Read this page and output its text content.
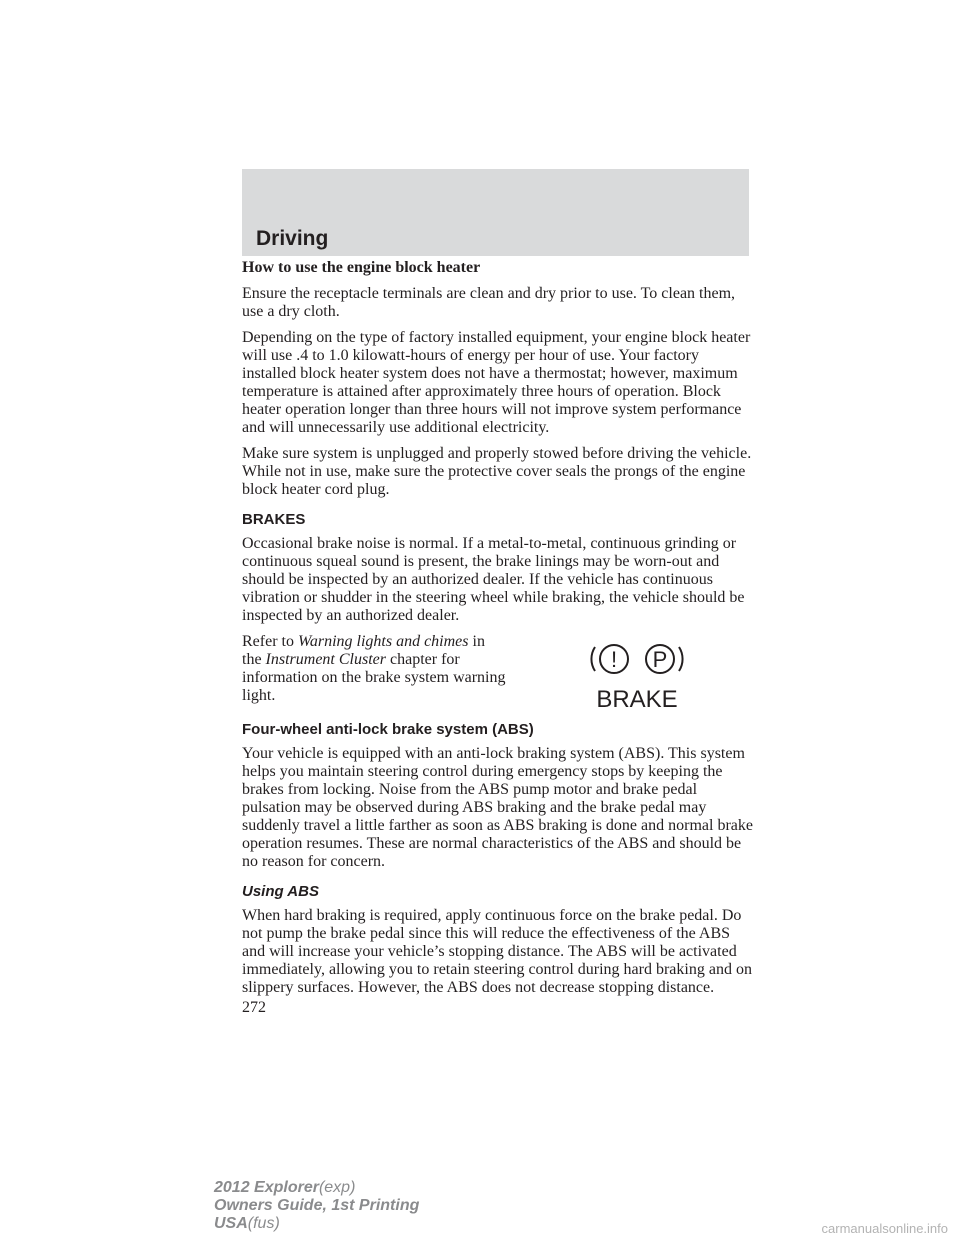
Driving

How to use the engine block heater

Ensure the receptacle terminals are clean and dry prior to use. To clean them, use a dry cloth.

Depending on the type of factory installed equipment, your engine block heater will use .4 to 1.0 kilowatt-hours of energy per hour of use. Your factory installed block heater system does not have a thermostat; however, maximum temperature is attained after approximately three hours of operation. Block heater operation longer than three hours will not improve system performance and will unnecessarily use additional electricity.

Make sure system is unplugged and properly stowed before driving the vehicle. While not in use, make sure the protective cover seals the prongs of the engine block heater cord plug.

BRAKES

Occasional brake noise is normal. If a metal-to-metal, continuous grinding or continuous squeal sound is present, the brake linings may be worn-out and should be inspected by an authorized dealer. If the vehicle has continuous vibration or shudder in the steering wheel while braking, the vehicle should be inspected by an authorized dealer.

Refer to Warning lights and chimes in the Instrument Cluster chapter for information on the brake system warning light.
! P
BRAKE
Four-wheel anti-lock brake system (ABS)

Your vehicle is equipped with an anti-lock braking system (ABS). This system helps you maintain steering control during emergency stops by keeping the brakes from locking. Noise from the ABS pump motor and brake pedal pulsation may be observed during ABS braking and the brake pedal may suddenly travel a little farther as soon as ABS braking is done and normal brake operation resumes. These are normal characteristics of the ABS and should be no reason for concern.

Using ABS

When hard braking is required, apply continuous force on the brake pedal. Do not pump the brake pedal since this will reduce the effectiveness of the ABS and will increase your vehicle’s stopping distance. The ABS will be activated immediately, allowing you to retain steering control during hard braking and on slippery surfaces. However, the ABS does not decrease stopping distance.

272
2012 Explorer(exp)
Owners Guide, 1st Printing
USA(fus)	carmanualsonline.info
